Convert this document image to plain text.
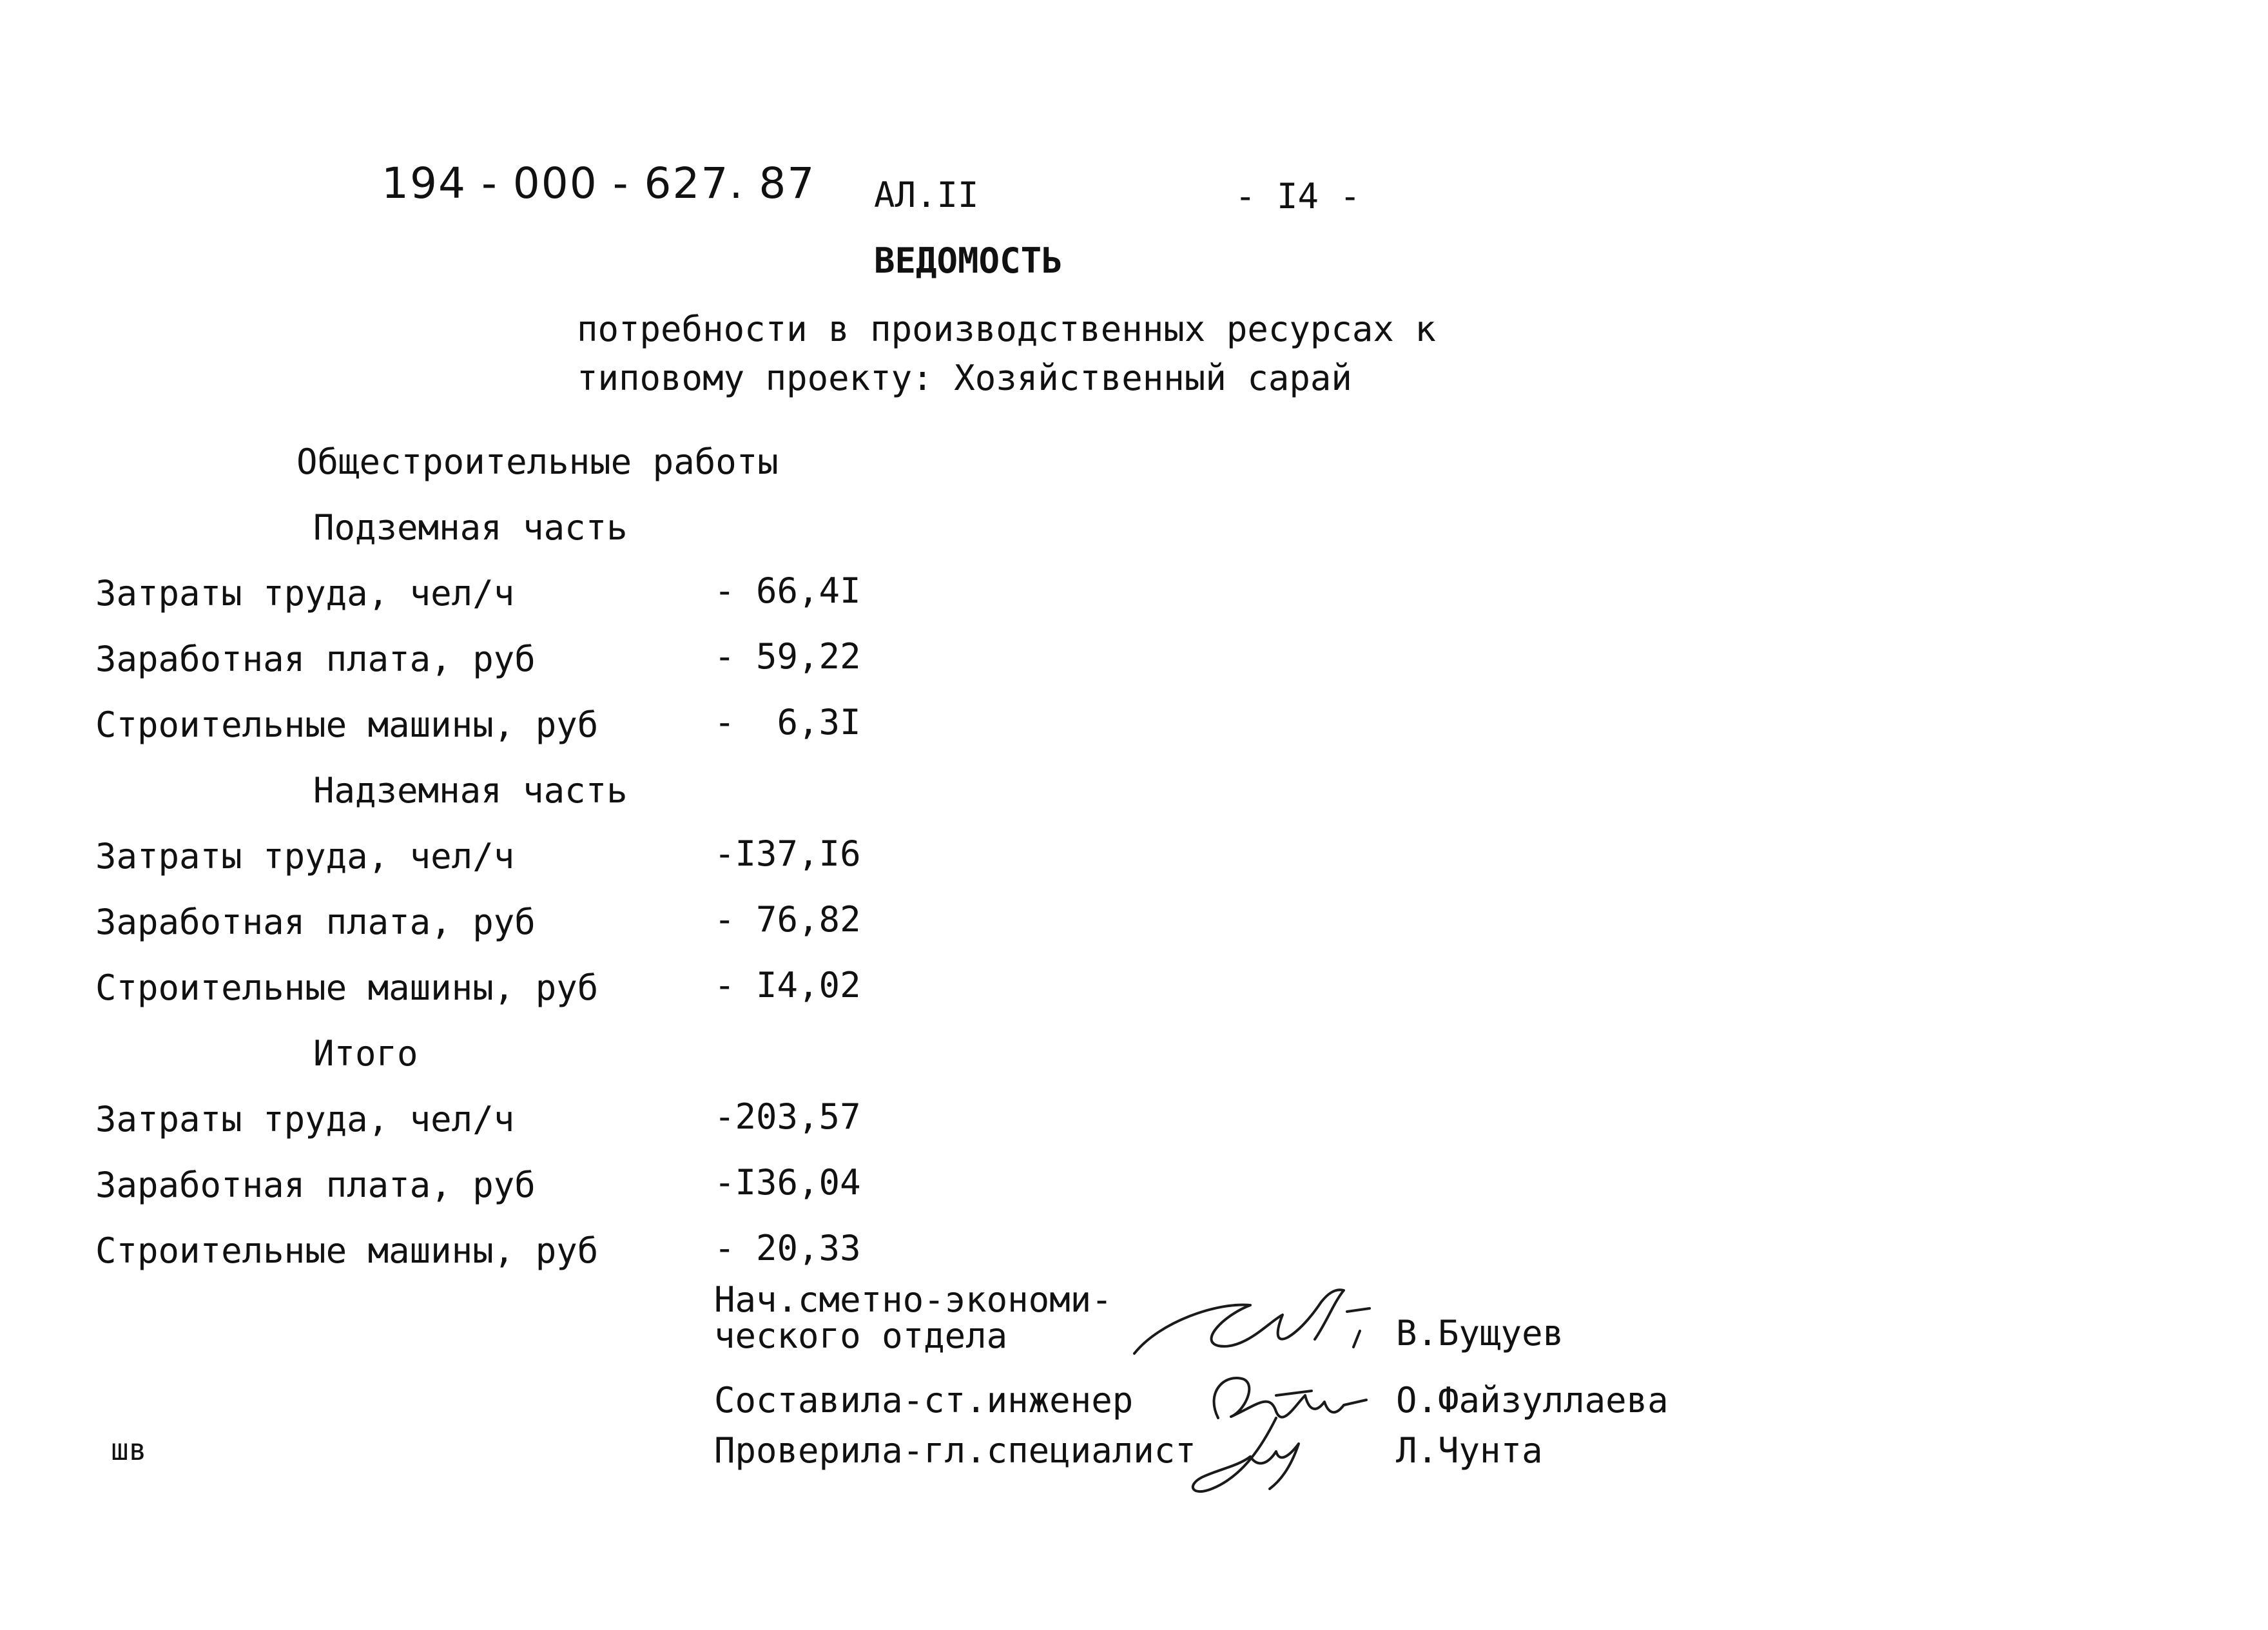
194 - 000 - 627. 87 АЛ.II	- I4 -
ВЕДОМОСТЬ
потребности в производственных ресурсах к
типовому проекту: Хозяйственный сарай
Общестроительные работы
Подземная часть
Затраты труда, чел/ч	- 66,4I
Заработная плата, руб	- 59,22
Строительные машины, руб	-  6,3I
Надземная часть
Затраты труда, чел/ч	-I37,I6
Заработная плата, руб	- 76,82
Строительные машины, руб	- I4,02
Итого
Затраты труда, чел/ч	-203,57
Заработная плата, руб	-I36,04
Строительные машины, руб	- 20,33
Нач.сметно-экономи-
ческого отдела	В.Бущуев
Составила-ст.инженер	О.Файзуллаева
Проверила-гл.специалист	Л.Чунта
шв
